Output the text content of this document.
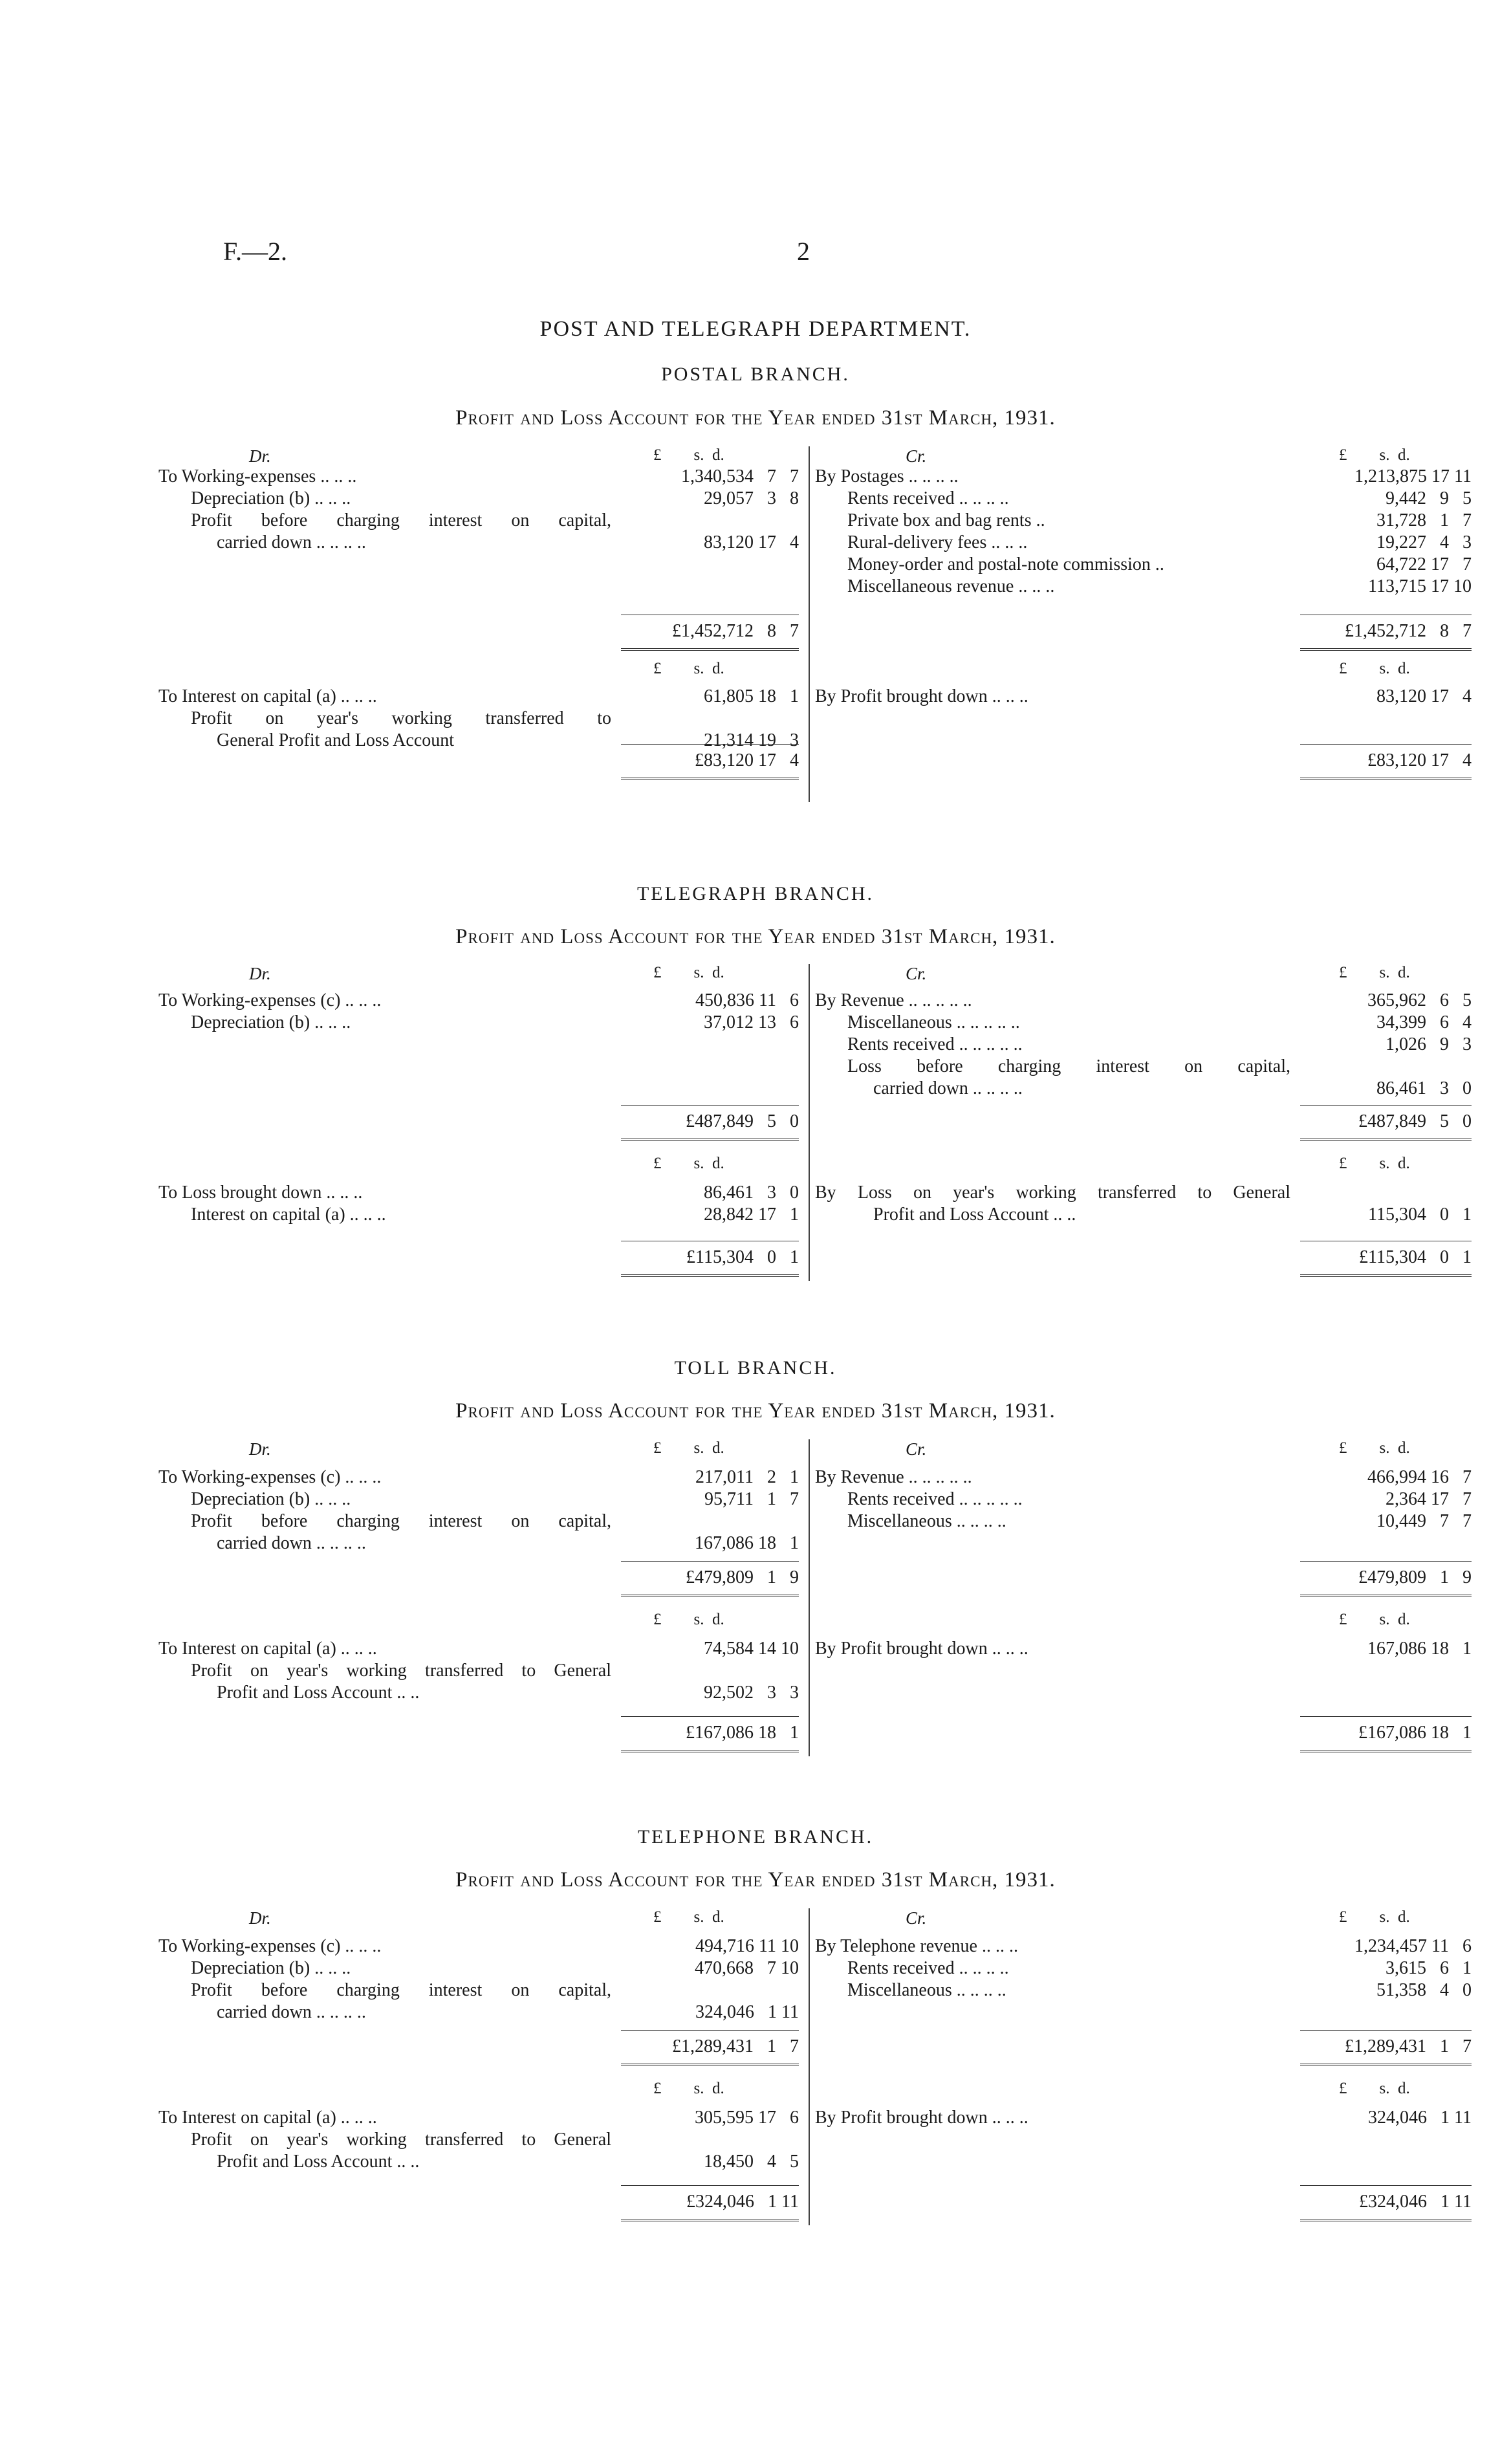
F.—2.	2
POST AND TELEGRAPH DEPARTMENT.
POSTAL BRANCH.
Profit and Loss Account for the Year ended 31st March, 1931.
Dr.	£        s.  d.
To Working-expenses .. .. ..	1,340,534   7   7
Depreciation (b) .. .. ..	29,057   3   8
Profit before charging interest on capital,
carried down .. .. .. ..	83,120 17   4
£1,452,712   8   7
£        s.  d.
To Interest on capital (a) .. .. ..	61,805 18   1
Profit on year's working transferred to
General Profit and Loss Account	21,314 19   3
£83,120 17   4
Cr.	£        s.  d.
By Postages .. .. .. ..	1,213,875 17 11
Rents received .. .. .. ..	9,442   9   5
Private box and bag rents ..	31,728   1   7
Rural-delivery fees .. .. ..	19,227   4   3
Money-order and postal-note commission ..	64,722 17   7
Miscellaneous revenue .. .. ..	113,715 17 10
£1,452,712   8   7
£        s.  d.
By Profit brought down .. .. ..	83,120 17   4
£83,120 17   4
TELEGRAPH BRANCH.
Profit and Loss Account for the Year ended 31st March, 1931.
Dr.	£        s.  d.
To Working-expenses (c) .. .. ..	450,836 11   6
Depreciation (b) .. .. ..	37,012 13   6
£487,849   5   0
£        s.  d.
To Loss brought down .. .. ..	86,461   3   0
Interest on capital (a) .. .. ..	28,842 17   1
£115,304   0   1
Cr.	£        s.  d.
By Revenue .. .. .. .. ..	365,962   6   5
Miscellaneous .. .. .. .. ..	34,399   6   4
Rents received .. .. .. .. ..	1,026   9   3
Loss before charging interest on capital,
carried down .. .. .. ..	86,461   3   0
£487,849   5   0
£        s.  d.
By Loss on year's working transferred to General
Profit and Loss Account .. ..	115,304   0   1
£115,304   0   1
TOLL BRANCH.
Profit and Loss Account for the Year ended 31st March, 1931.
Dr.	£        s.  d.
To Working-expenses (c) .. .. ..	217,011   2   1
Depreciation (b) .. .. ..	95,711   1   7
Profit before charging interest on capital,
carried down .. .. .. ..	167,086 18   1
£479,809   1   9
£        s.  d.
To Interest on capital (a) .. .. ..	74,584 14 10
Profit on year's working transferred to General
Profit and Loss Account .. ..	92,502   3   3
£167,086 18   1
Cr.	£        s.  d.
By Revenue .. .. .. .. ..	466,994 16   7
Rents received .. .. .. .. ..	2,364 17   7
Miscellaneous .. .. .. ..	10,449   7   7
£479,809   1   9
£        s.  d.
By Profit brought down .. .. ..	167,086 18   1
£167,086 18   1
TELEPHONE BRANCH.
Profit and Loss Account for the Year ended 31st March, 1931.
Dr.	£        s.  d.
To Working-expenses (c) .. .. ..	494,716 11 10
Depreciation (b) .. .. ..	470,668   7 10
Profit before charging interest on capital,
carried down .. .. .. ..	324,046   1 11
£1,289,431   1   7
£        s.  d.
To Interest on capital (a) .. .. ..	305,595 17   6
Profit on year's working transferred to General
Profit and Loss Account .. ..	18,450   4   5
£324,046   1 11
Cr.	£        s.  d.
By Telephone revenue .. .. ..	1,234,457 11   6
Rents received .. .. .. ..	3,615   6   1
Miscellaneous .. .. .. ..	51,358   4   0
£1,289,431   1   7
£        s.  d.
By Profit brought down .. .. ..	324,046   1 11
£324,046   1 11
